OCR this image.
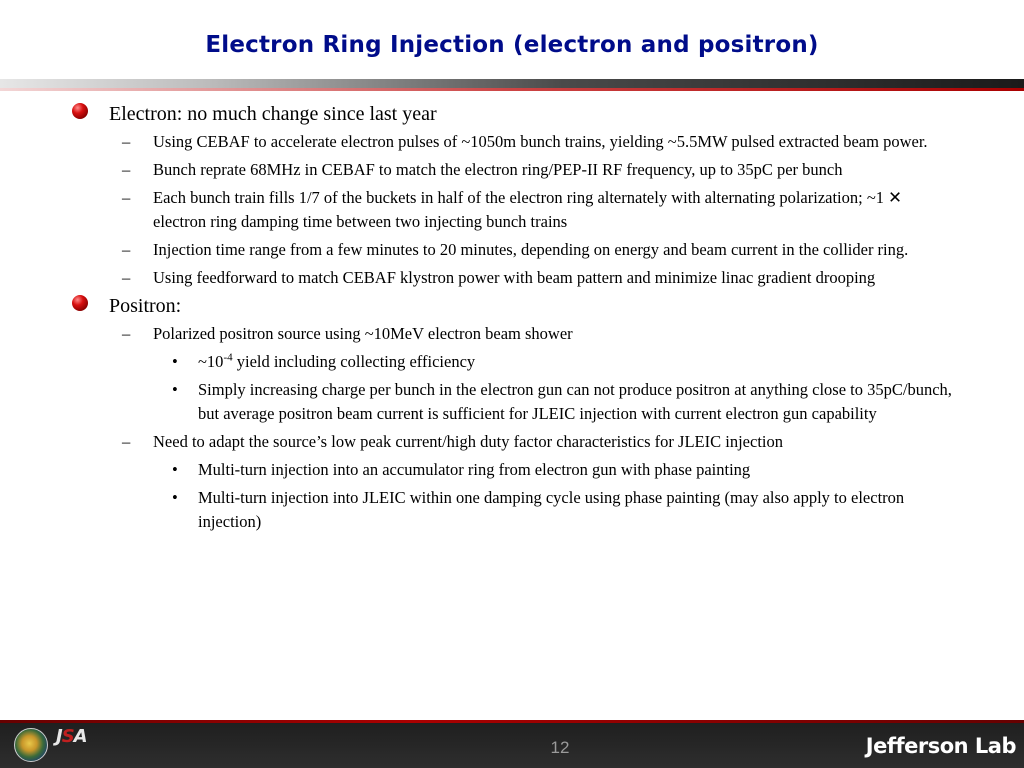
Electron Ring Injection (electron and positron)
Electron: no much change since last year
– Using CEBAF to accelerate electron pulses of ~1050m bunch trains, yielding ~5.5MW pulsed extracted beam power.
– Bunch reprate 68MHz in CEBAF to match the electron ring/PEP-II RF frequency, up to 35pC per bunch
– Each bunch train fills 1/7 of the buckets in half of the electron ring alternately with alternating polarization; ~1 ✕  electron ring damping time between two injecting bunch trains
– Injection time range from a few minutes to 20 minutes, depending on energy and beam current in the collider ring.
– Using feedforward to match CEBAF klystron power with beam pattern and minimize linac gradient drooping
Positron:
– Polarized positron source using ~10MeV electron beam shower
• $\sim 10^{-4}$ yield including collecting efficiency
• Simply increasing charge per bunch in the electron gun can not produce positron at anything close to 35pC/bunch, but average positron beam current is sufficient for JLEIC injection with current electron gun capability
– Need to adapt the source’s low peak current/high duty factor characteristics for JLEIC injection
• Multi-turn injection into an accumulator ring from electron gun with phase painting
• Multi-turn injection into JLEIC within one damping cycle using phase painting (may also apply to electron injection)
JSA
12	Jefferson Lab
